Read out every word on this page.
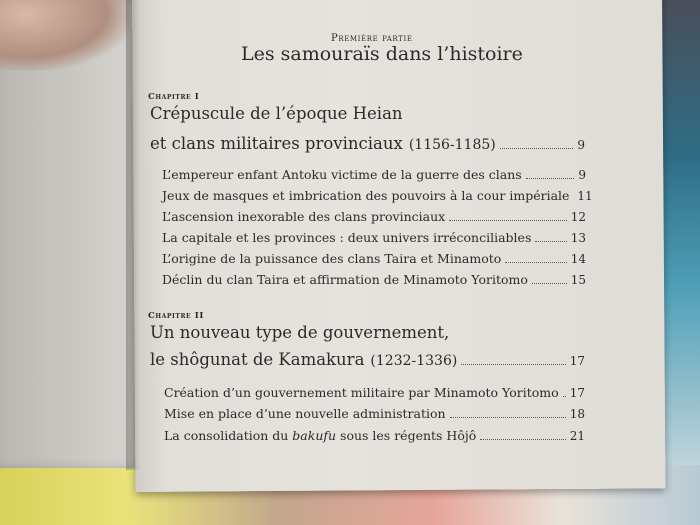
Première partie
Les samouraïs dans l’histoire
Chapitre I
Crépuscule de l’époque Heian
et clans militaires provinciaux (1156-1185)	9
L’empereur enfant Antoku victime de la guerre des clans	9
Jeux de masques et imbrication des pouvoirs à la cour impériale 11
L’ascension inexorable des clans provinciaux	12
La capitale et les provinces : deux univers irréconciliables	13
L’origine de la puissance des clans Taira et Minamoto	14
Déclin du clan Taira et affirmation de Minamoto Yoritomo	15
Chapitre II
Un nouveau type de gouvernement,
le shôgunat de Kamakura (1232-1336)	17
Création d’un gouvernement militaire par Minamoto Yoritomo 17
Mise en place d’une nouvelle administration	18
La consolidation du bakufu sous les régents Hôjô	21
